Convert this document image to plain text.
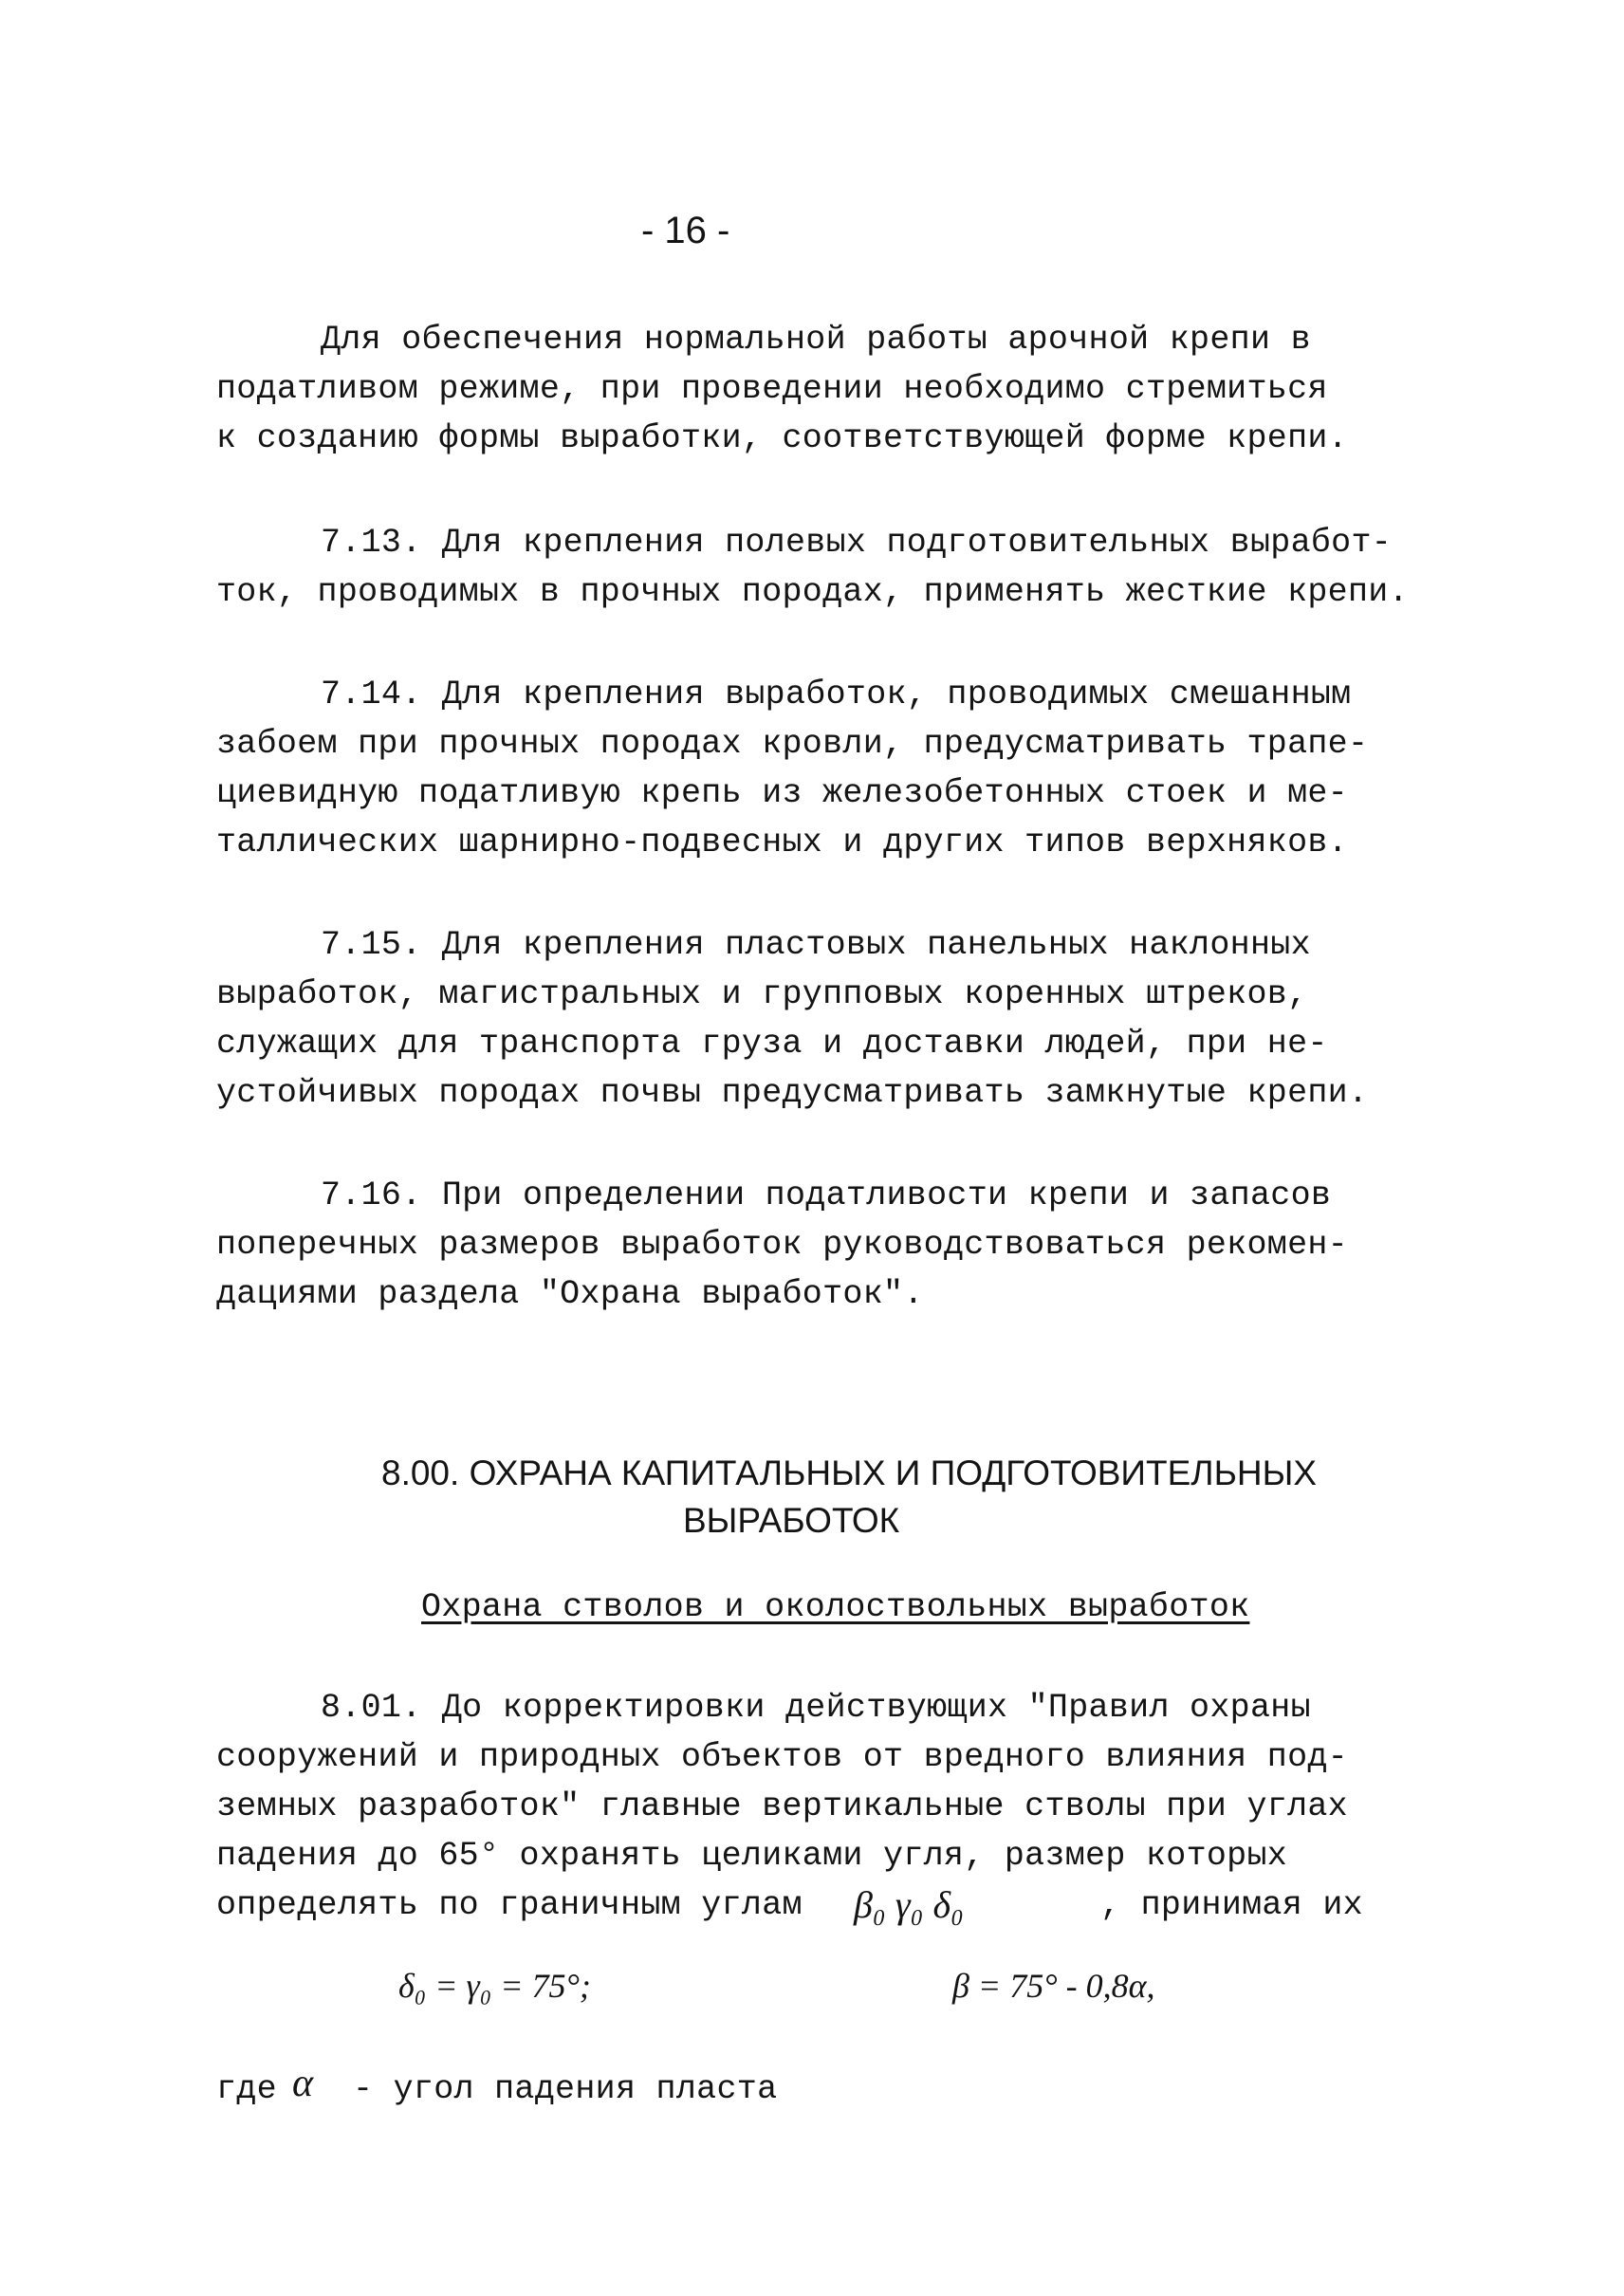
- 16 -
Для обеспечения нормальной работы арочной крепи в
податливом режиме, при проведении необходимо стремиться
к созданию формы выработки, соответствующей форме крепи.
7.13. Для крепления полевых подготовительных выработ-
ток, проводимых в прочных породах, применять жесткие крепи.
7.14. Для крепления выработок, проводимых смешанным
забоем при прочных породах кровли, предусматривать трапе-
циевидную податливую крепь из железобетонных стоек и ме-
таллических шарнирно-подвесных и других типов верхняков.
7.15. Для крепления пластовых панельных наклонных
выработок, магистральных и групповых коренных штреков,
служащих для транспорта груза и доставки людей, при не-
устойчивых породах почвы предусматривать замкнутые крепи.
7.16. При определении податливости крепи и запасов
поперечных размеров выработок руководствоваться рекомен-
дациями раздела "Охрана выработок".
8.00. ОХРАНА КАПИТАЛЬНЫХ И ПОДГОТОВИТЕЛЬНЫХ
ВЫРАБОТОК
Охрана стволов и околоствольных выработок
8.01. До корректировки действующих "Правил охраны
сооружений и природных объектов от вредного влияния под-
земных разработок" главные вертикальные стволы при углах
падения до 65° охранять целиками угля, размер которых
определять по граничным углам β₀ γ₀ δ₀	, принимая их
δ₀ = γ₀ = 75°;	β = 75° - 0,8α,
где α - угол падения пласта
